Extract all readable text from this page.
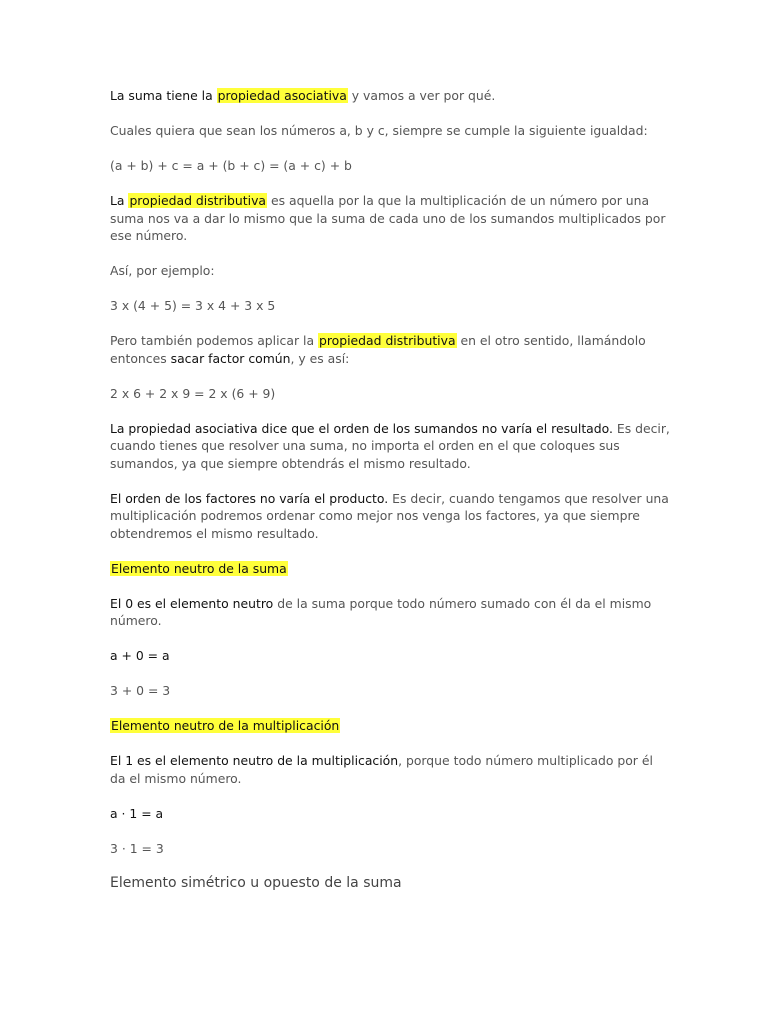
La suma tiene la propiedad asociativa y vamos a ver por qué.

Cuales quiera que sean los números a, b y c, siempre se cumple la siguiente igualdad:

(a + b) + c = a + (b + c) = (a + c) + b

La propiedad distributiva es aquella por la que la multiplicación de un número por una suma nos va a dar lo mismo que la suma de cada uno de los sumandos multiplicados por ese número.

Así, por ejemplo:

3 x (4 + 5) = 3 x 4 + 3 x 5

Pero también podemos aplicar la propiedad distributiva en el otro sentido, llamándolo entonces sacar factor común, y es así:

2 x 6 + 2 x 9 = 2 x (6 + 9)

La propiedad asociativa dice que el orden de los sumandos no varía el resultado. Es decir, cuando tienes que resolver una suma, no importa el orden en el que coloques sus sumandos, ya que siempre obtendrás el mismo resultado.

El orden de los factores no varía el producto. Es decir, cuando tengamos que resolver una multiplicación podremos ordenar como mejor nos venga los factores, ya que siempre obtendremos el mismo resultado.

Elemento neutro de la suma

El 0 es el elemento neutro de la suma porque todo número sumado con él da el mismo número.

a + 0 = a

3 + 0 = 3

Elemento neutro de la multiplicación

El 1 es el elemento neutro de la multiplicación, porque todo número multiplicado por él da el mismo número.

a · 1 = a

3 · 1 = 3

Elemento simétrico u opuesto de la suma
